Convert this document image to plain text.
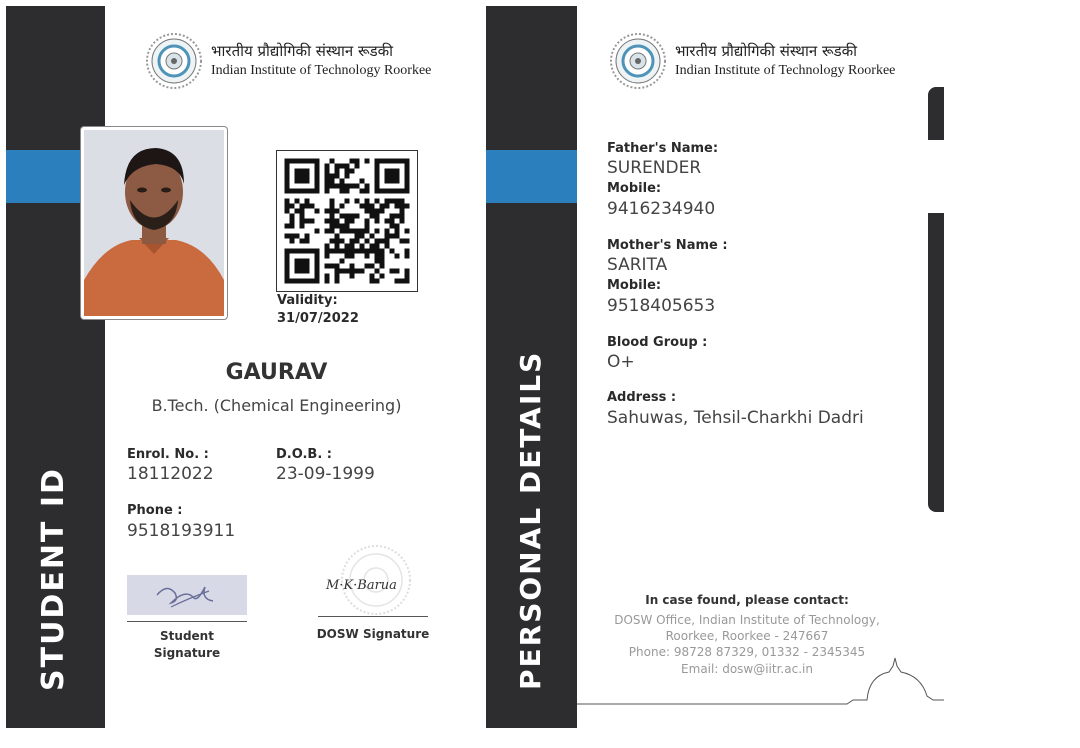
STUDENT ID
भारतीय प्रौद्योगिकी संस्थान रूडकी
Indian Institute of Technology Roorkee
Validity:
31/07/2022
GAURAV
B.Tech. (Chemical Engineering)
Enrol. No. :
18112022
D.O.B. :
23-09-1999
Phone :
9518193911
Student
Signature
M·K·Barua
DOSW Signature	PERSONAL DETAILS
भारतीय प्रौद्योगिकी संस्थान रूडकी
Indian Institute of Technology Roorkee
Father's Name:
SURENDER
Mobile:
9416234940
Mother's Name :
SARITA
Mobile:
9518405653
Blood Group :
O+
Address :
Sahuwas, Tehsil-Charkhi Dadri
In case found, please contact:
DOSW Office, Indian Institute of Technology,
Roorkee, Roorkee - 247667
Phone: 98728 87329, 01332 - 2345345
Email: dosw@iitr.ac.in
